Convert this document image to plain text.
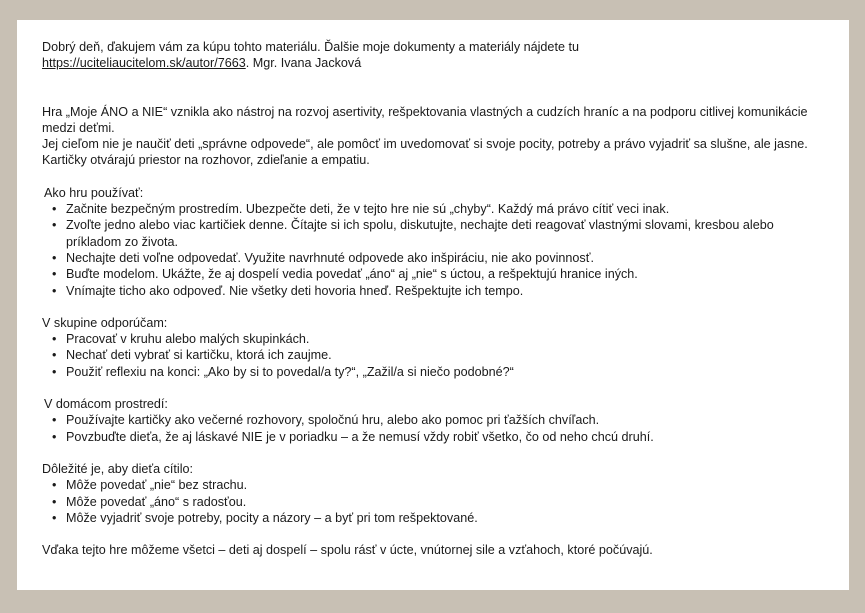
Dobrý deň, ďakujem vám za kúpu tohto materiálu. Ďalšie moje dokumenty a materiály nájdete tu
https://uciteliaucitelom.sk/autor/7663. Mgr. Ivana Jacková

Hra „Moje ÁNO a NIE“ vznikla ako nástroj na rozvoj asertivity, rešpektovania vlastných a cudzích hraníc a na podporu citlivej komunikácie medzi deťmi.

Jej cieľom nie je naučiť deti „správne odpovede“, ale pomôcť im uvedomovať si svoje pocity, potreby a právo vyjadriť sa slušne, ale jasne. Kartičky otvárajú priestor na rozhovor, zdieľanie a empatiu.

Ako hru používať:

• Začnite bezpečným prostredím. Ubezpečte deti, že v tejto hre nie sú „chyby“. Každý má právo cítiť veci inak.
• Zvoľte jedno alebo viac kartičiek denne. Čítajte si ich spolu, diskutujte, nechajte deti reagovať vlastnými slovami, kresbou alebo príkladom zo života.
• Nechajte deti voľne odpovedať. Využite navrhnuté odpovede ako inšpiráciu, nie ako povinnosť.
• Buďte modelom. Ukážte, že aj dospelí vedia povedať „áno“ aj „nie“ s úctou, a rešpektujú hranice iných.
• Vnímajte ticho ako odpoveď. Nie všetky deti hovoria hneď. Rešpektujte ich tempo.

V skupine odporúčam:

• Pracovať v kruhu alebo malých skupinkách.
• Nechať deti vybrať si kartičku, ktorá ich zaujme.
• Použiť reflexiu na konci: „Ako by si to povedal/a ty?“, „Zažil/a si niečo podobné?“

V domácom prostredí:

• Používajte kartičky ako večerné rozhovory, spoločnú hru, alebo ako pomoc pri ťažších chvíľach.
• Povzbuďte dieťa, že aj láskavé NIE je v poriadku – a že nemusí vždy robiť všetko, čo od neho chcú druhí.

Dôležité je, aby dieťa cítilo:

• Môže povedať „nie“ bez strachu.
• Môže povedať „áno“ s radosťou.
• Môže vyjadriť svoje potreby, pocity a názory – a byť pri tom rešpektované.

Vďaka tejto hre môžeme všetci – deti aj dospelí – spolu rásť v úcte, vnútornej sile a vzťahoch, ktoré počúvajú.
